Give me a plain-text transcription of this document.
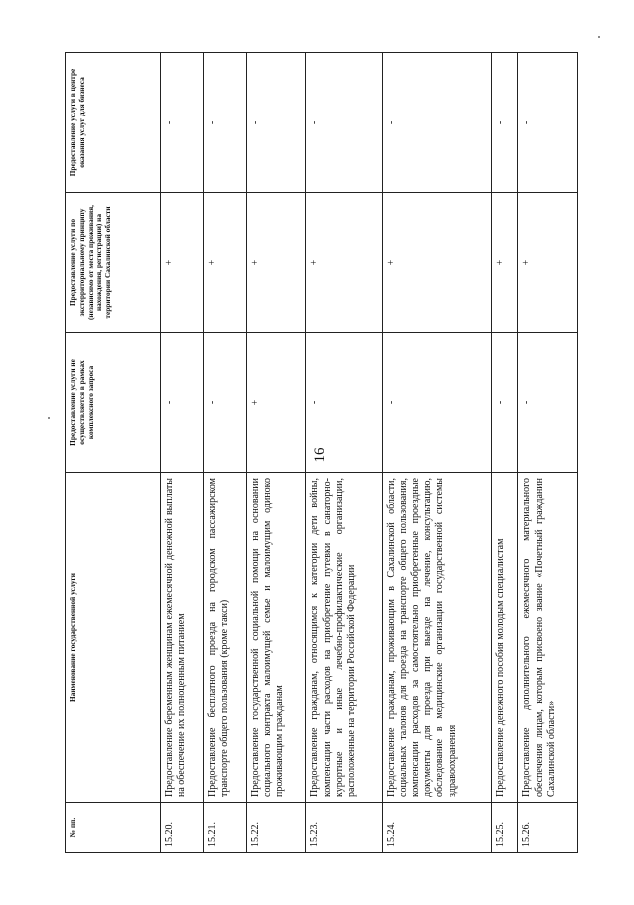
16
№ пп.	Наименование государственной услуги	Предоставление услуги не осуществляется в рамках комплексного запроса	Предоставление услуги по экстерриториальному принципу (независимо от места проживания, нахождения, регистрации) на территории Сахалинской области	Предоставление услуги в центре оказания услуг для бизнеса
15.20.	Предоставление беременным женщинам ежемесячной денежной выплаты на обеспечение их полноценным питанием	-	+	-
15.21.	Предоставление бесплатного проезда на городском пассажирском транспорте общего пользования (кроме такси)	-	+	-
15.22.	Предоставление государственной социальной помощи на основании социального контракта малоимущей семье и малоимущим одиноко проживающим гражданам	+	+	-
15.23.	Предоставление гражданам, относящимся к категории дети войны, компенсации части расходов на приобретение путевки в санаторно-курортные и иные лечебно-профилактические организации, расположенные на территории Российской Федерации	-	+	-
15.24.	Предоставление гражданам, проживающим в Сахалинской области, социальных талонов для проезда на транспорте общего пользования, компенсации расходов за самостоятельно приобретенные проездные документы для проезда при выезде на лечение, консультацию, обследование в медицинские организации государственной системы здравоохранения	-	+	-
15.25.	Предоставление денежного пособия молодым специалистам	-	+	-
15.26.	Предоставление дополнительного ежемесячного материального обеспечения лицам, которым присвоено звание «Почетный гражданин Сахалинской области»	-	+	-
